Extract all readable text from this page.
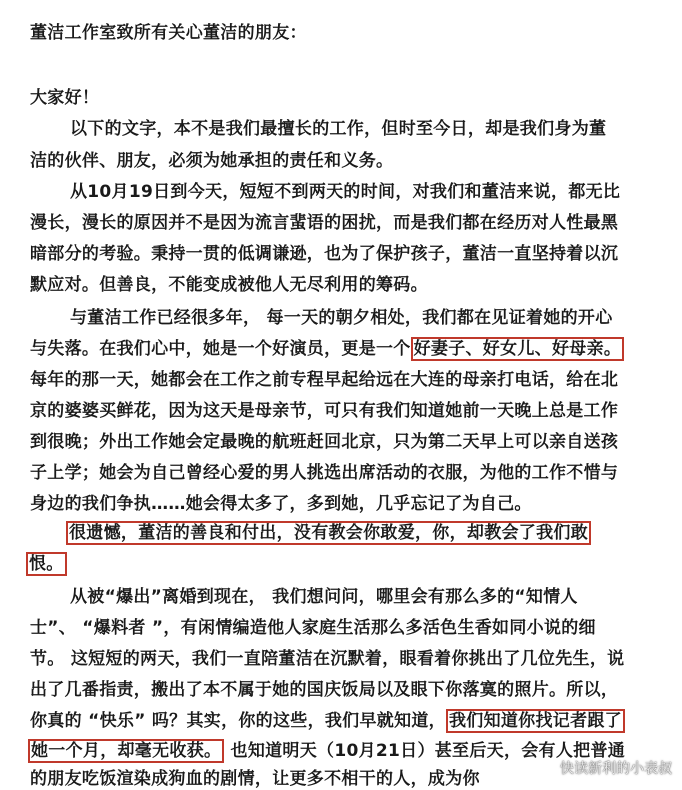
董洁工作室致所有关心董洁的朋友：
大家好！
以下的文字，本不是我们最擅长的工作，但时至今日，却是我们身为董
洁的伙伴、朋友，必须为她承担的责任和义务。
从10月19日到今天，短短不到两天的时间，对我们和董洁来说，都无比
漫长，漫长的原因并不是因为流言蜚语的困扰，而是我们都在经历对人性最黑
暗部分的考验。秉持一贯的低调谦逊，也为了保护孩子，董洁一直坚持着以沉
默应对。但善良，不能变成被他人无尽利用的筹码。
与董洁工作已经很多年， 每一天的朝夕相处，我们都在见证着她的开心
与失落。在我们心中，她是一个好演员，更是一个 好妻子、好女儿、好母亲。
每年的那一天，她都会在工作之前专程早起给远在大连的母亲打电话，给在北
京的婆婆买鲜花，因为这天是母亲节，可只有我们知道她前一天晚上总是工作
到很晚；外出工作她会定最晚的航班赶回北京，只为第二天早上可以亲自送孩
子上学；她会为自己曾经心爱的男人挑选出席活动的衣服，为他的工作不惜与
身边的我们争执……她会得太多了，多到她，几乎忘记了为自己。
很遗憾，董洁的善良和付出，没有教会你敢爱，你，却教会了我们敢
恨。
从被“爆出”离婚到现在， 我们想问问，哪里会有那么多的“知情人
士”、 “爆料者 ”，有闲情编造他人家庭生活那么多活色生香如同小说的细
节。 这短短的两天，我们一直陪董洁在沉默着，眼看着你挑出了几位先生，说
出了几番指责，搬出了本不属于她的国庆饭局以及眼下你落寞的照片。所以，
你真的 “快乐” 吗？其实，你的这些，我们早就知道， 我们知道你找记者跟了
她一个月，却毫无收获。 也知道明天（10月21日）甚至后天，会有人把普通
的朋友吃饭渲染成狗血的剧情，让更多不相干的人，成为你	快读新利的小表叔
